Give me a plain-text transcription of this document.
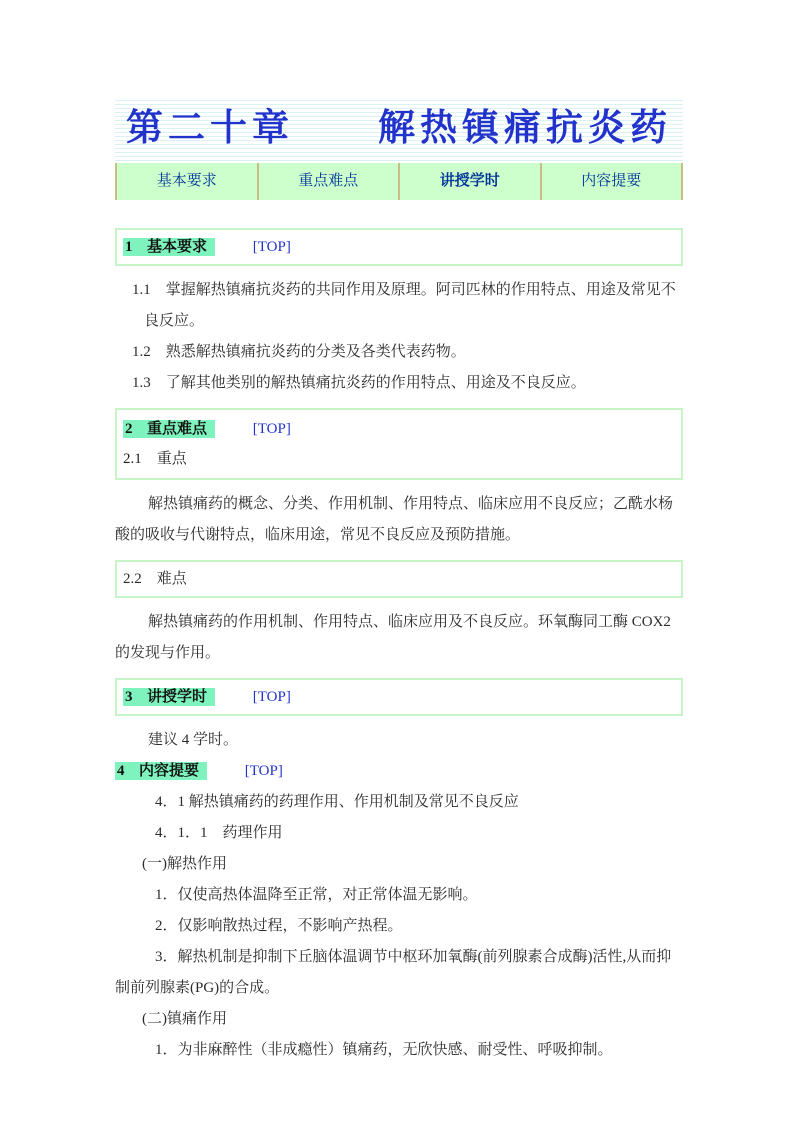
第二十章　　解热镇痛抗炎药
基本要求	重点难点	讲授学时	内容提要
1 基本要求	[TOP]

1.1　掌握解热镇痛抗炎药的共同作用及原理。阿司匹林的作用特点、用途及常见不良反应。

1.2　熟悉解热镇痛抗炎药的分类及各类代表药物。

1.3　了解其他类别的解热镇痛抗炎药的作用特点、用途及不良反应。

2 重点难点	[TOP]
2.1　重点

解热镇痛药的概念、分类、作用机制、作用特点、临床应用不良反应；乙酰水杨酸的吸收与代谢特点，临床用途，常见不良反应及预防措施。

2.2　难点

解热镇痛药的作用机制、作用特点、临床应用及不良反应。环氧酶同工酶 COX2 的发现与作用。

3 讲授学时	[TOP]

建议 4 学时。

4 内容提要	[TOP]

4．1 解热镇痛药的药理作用、作用机制及常见不良反应

4．1．1　药理作用

(一)解热作用

1．仅使高热体温降至正常，对正常体温无影响。

2．仅影响散热过程，不影响产热程。

3．解热机制是抑制下丘脑体温调节中枢环加氧酶(前列腺素合成酶)活性,从而抑制前列腺素(PG)的合成。

(二)镇痛作用

1．为非麻醉性（非成瘾性）镇痛药，无欣快感、耐受性、呼吸抑制。
